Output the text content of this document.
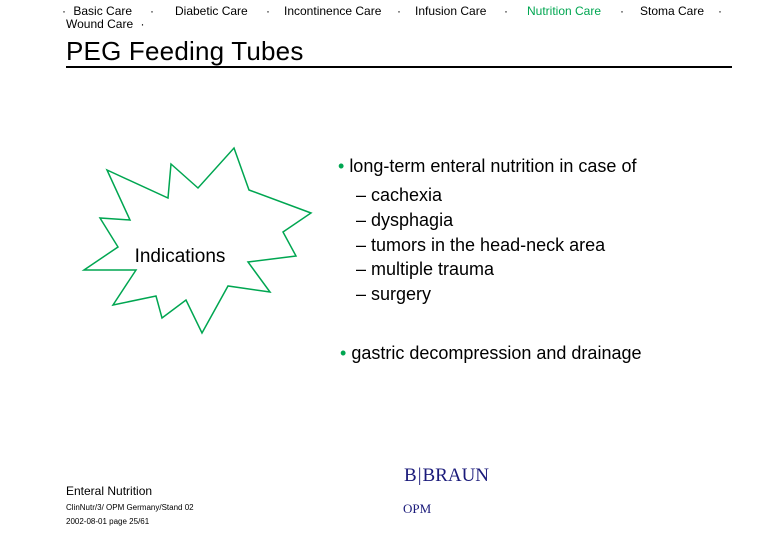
· Basic Care	·	Diabetic Care	·	Incontinence Care	·	Infusion Care	·	Nutrition Care	·	Stoma Care	·
Wound Care ·
PEG Feeding Tubes
Indications
• long-term enteral nutrition in case of
– cachexia
– dysphagia
– tumors in the head-neck area
– multiple trauma
– surgery
• gastric decompression and drainage
Enteral Nutrition
ClinNutr/3/ OPM Germany/Stand 02
2002-08-01 page 25/61
B|BRAUN
OPM
